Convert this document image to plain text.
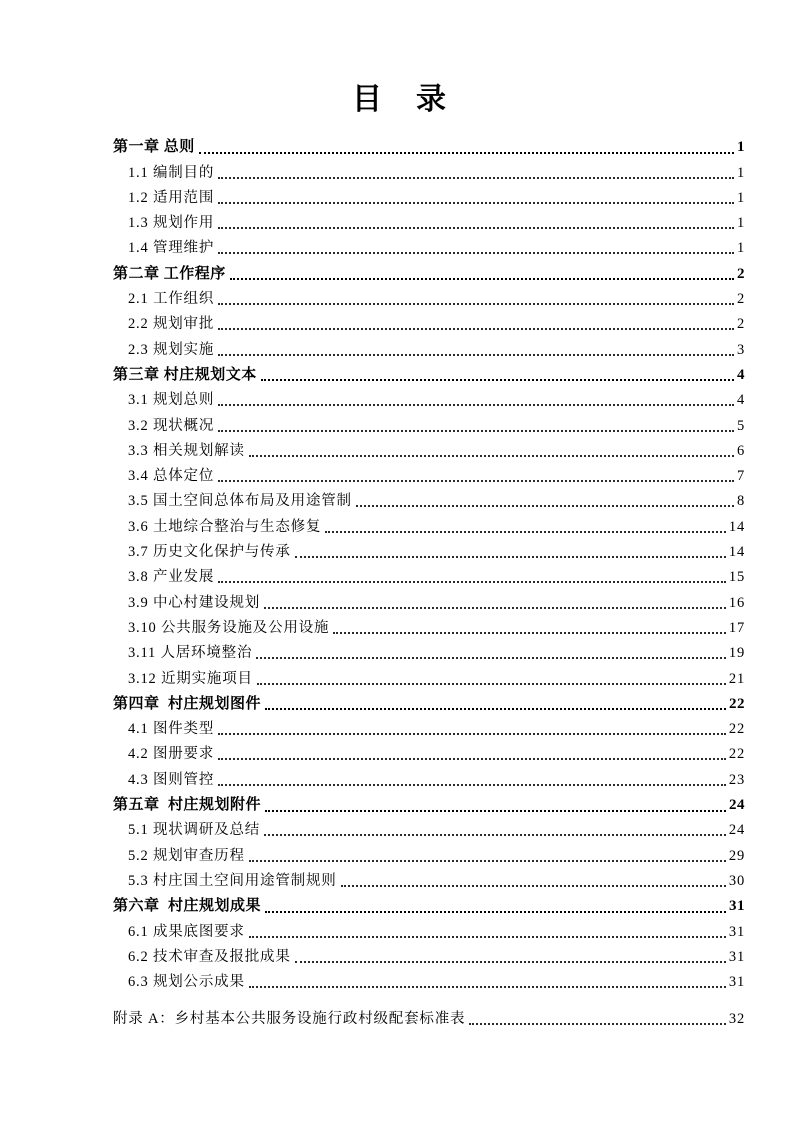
目　录
第一章 总则	1
1.1 编制目的	1
1.2 适用范围	1
1.3 规划作用	1
1.4 管理维护	1
第二章 工作程序	2
2.1 工作组织	2
2.2 规划审批	2
2.3 规划实施	3
第三章 村庄规划文本	4
3.1 规划总则	4
3.2 现状概况	5
3.3 相关规划解读	6
3.4 总体定位	7
3.5 国土空间总体布局及用途管制	8
3.6 土地综合整治与生态修复	14
3.7 历史文化保护与传承	14
3.8 产业发展	15
3.9 中心村建设规划	16
3.10 公共服务设施及公用设施	17
3.11 人居环境整治	19
3.12 近期实施项目	21
第四章  村庄规划图件	22
4.1 图件类型	22
4.2 图册要求	22
4.3 图则管控	23
第五章  村庄规划附件	24
5.1 现状调研及总结	24
5.2 规划审查历程	29
5.3 村庄国土空间用途管制规则	30
第六章  村庄规划成果	31
6.1 成果底图要求	31
6.2 技术审查及报批成果	31
6.3 规划公示成果	31
附录 A：乡村基本公共服务设施行政村级配套标准表	32
